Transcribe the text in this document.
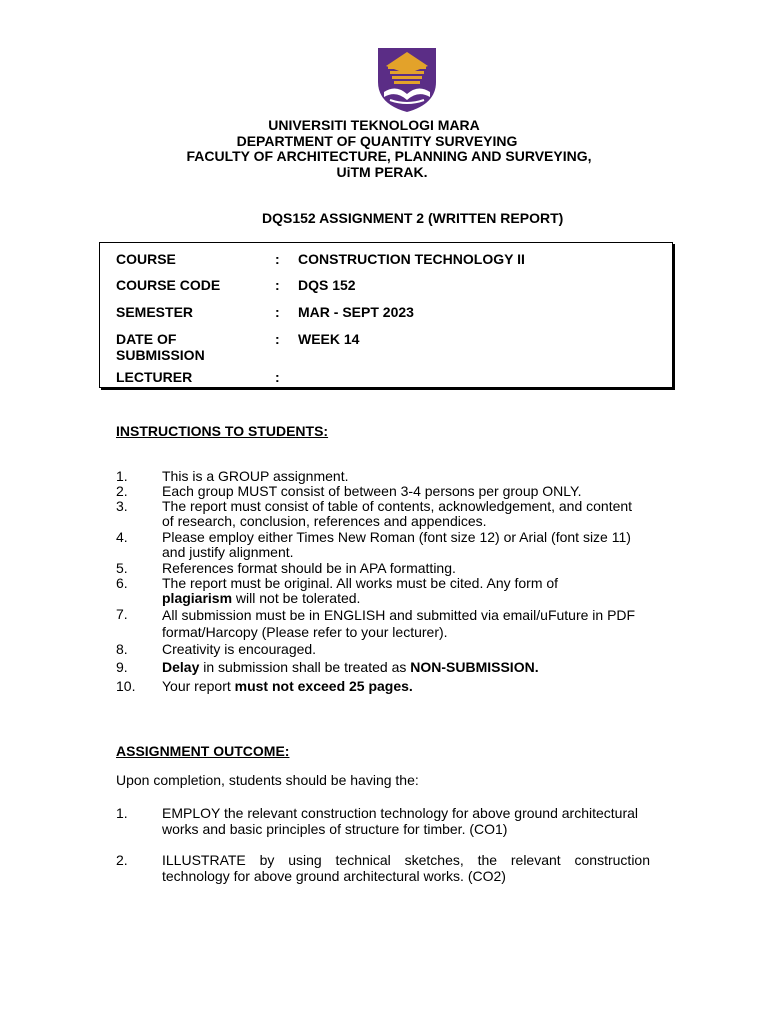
UNIVERSITI TEKNOLOGI MARA
DEPARTMENT OF QUANTITY SURVEYING
FACULTY OF ARCHITECTURE, PLANNING AND SURVEYING,
UiTM PERAK.
DQS152 ASSIGNMENT 2 (WRITTEN REPORT)
COURSE	: CONSTRUCTION TECHNOLOGY II
COURSE CODE	: DQS 152
SEMESTER	: MAR - SEPT 2023
DATE OF
SUBMISSION
: WEEK 14
LECTURER	:
INSTRUCTIONS TO STUDENTS:
1. This is a GROUP assignment.
2. Each group MUST consist of between 3-4 persons per group ONLY.
3. The report must consist of table of contents, acknowledgement, and content
of research, conclusion, references and appendices.
4. Please employ either Times New Roman (font size 12) or Arial (font size 11)
and justify alignment.
5. References format should be in APA formatting.
6. The report must be original. All works must be cited. Any form of
plagiarism will not be tolerated.
7. All submission must be in ENGLISH and submitted via email/uFuture in PDF
format/Harcopy (Please refer to your lecturer).
8. Creativity is encouraged.
9. Delay in submission shall be treated as NON-SUBMISSION.
10. Your report must not exceed 25 pages.
ASSIGNMENT OUTCOME:
Upon completion, students should be having the:
1. EMPLOY the relevant construction technology for above ground architectural
works and basic principles of structure for timber. (CO1)
2. ILLUSTRATE by using technical sketches, the relevant construction
technology for above ground architectural works. (CO2)
